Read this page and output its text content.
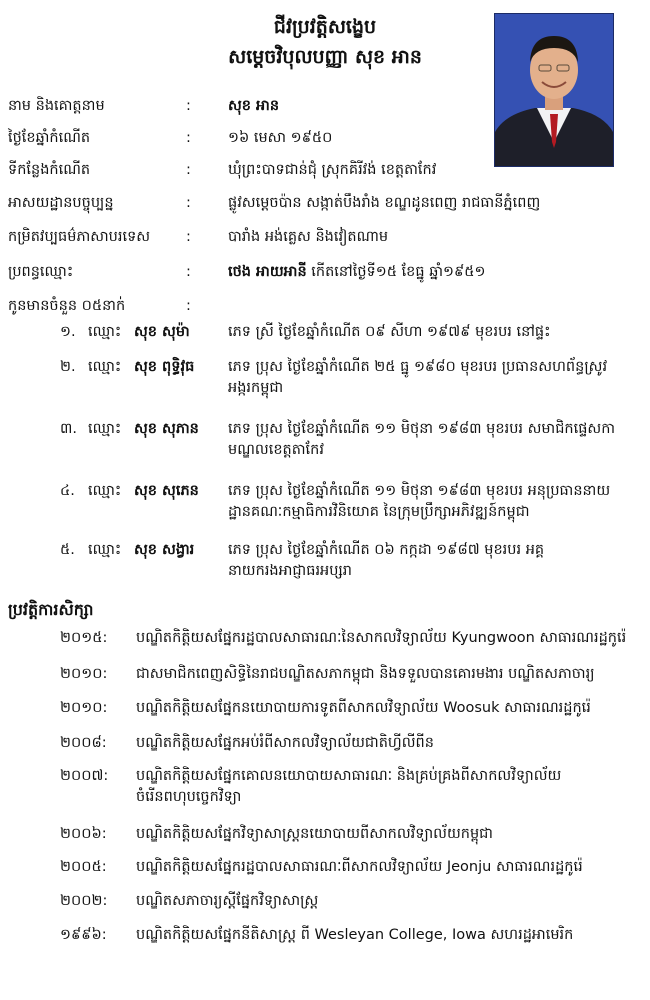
ជីវប្រវត្តិសង្ខេប
សម្តេចវិបុលបញ្ញា សុខ អាន
នាម និងគោត្តនាម	:	សុខ អាន
ថ្ងៃខែឆ្នាំកំណើត	:	១៦ មេសា ១៩៥០
ទីកន្លែងកំណើត	:	ឃុំព្រះបាទជាន់ជុំ ស្រុកគិរីវង់ ខេត្តតាកែវ
អាសយដ្ឋានបច្ចុប្បន្ន	:	ផ្លូវសម្តេចប៉ាន សង្កាត់បឹងរាំង ខណ្ឌដូនពេញ រាជធានីភ្នំពេញ
កម្រិតវប្បធម៌ភាសាបរទេស :	បារាំង អង់គ្លេស និងវៀតណាម
ប្រពន្ធឈ្មោះ	:	ថេង អាយអានី កើតនៅថ្ងៃទី១៥ ខែធ្នូ ឆ្នាំ១៩៥១
កូនមានចំនួន ០៥នាក់	:
១. ឈ្មោះ សុខ សុម៉ា	ភេទ ស្រី ថ្ងៃខែឆ្នាំកំណើត ០៩ សីហា ១៩៧៩ មុខរបរ នៅផ្ទះ
២. ឈ្មោះ សុខ ពុទ្ធិវុធ ភេទ ប្រុស ថ្ងៃខែឆ្នាំកំណើត ២៥ ធ្នូ ១៩៨០ មុខរបរ ប្រធានសហព័ន្ធស្រូវអង្ករកម្ពុជា
៣. ឈ្មោះ សុខ សុភាន ភេទ ប្រុស ថ្ងៃខែឆ្នាំកំណើត ១១ មិថុនា ១៩៨៣ មុខរបរ សមាជិកផ្ទេសកាមណ្ឌលខេត្តតាកែវ
៤. ឈ្មោះ សុខ សុភេន ភេទ ប្រុស ថ្ងៃខែឆ្នាំកំណើត ១១ មិថុនា ១៩៨៣ មុខរបរ អនុប្រធាននាយដ្ឋានគណៈកម្មាធិការវិនិយោគ នៃក្រុមប្រឹក្សាអភិវឌ្ឍន៍កម្ពុជា
៥. ឈ្មោះ សុខ សង្វារ ភេទ ប្រុស ថ្ងៃខែឆ្នាំកំណើត ០៦ កក្កដា ១៩៨៧ មុខរបរ អគ្គនាយករងអាជ្ញាធរអប្សរា
ប្រវត្តិការសិក្សា
២០១៥: បណ្ឌិតកិត្តិយសផ្នែករដ្ឋបាលសាធារណៈនៃសាកលវិទ្យាល័យ Kyungwoon សាធារណរដ្ឋកូរ៉េ
២០១០: ជាសមាជិកពេញសិទ្ធិនៃរាជបណ្ឌិតសភាកម្ពុជា និងទទួលបានគោរមងារ បណ្ឌិតសភាចារ្យ
២០១០: បណ្ឌិតកិត្តិយសផ្នែកនយោបាយការទូតពីសាកលវិទ្យាល័យ Woosuk សាធារណរដ្ឋកូរ៉េ
២០០៨: បណ្ឌិតកិត្តិយសផ្នែកអប់រំពីសាកលវិទ្យាល័យជាតិហ្វីលីពីន
២០០៧: បណ្ឌិតកិត្តិយសផ្នែកគោលនយោបាយសាធារណៈ និងគ្រប់គ្រងពីសាកលវិទ្យាល័យចំរើនពហុបច្ចេកវិទ្យា
២០០៦: បណ្ឌិតកិត្តិយសផ្នែកវិទ្យាសាស្ត្រនយោបាយពីសាកលវិទ្យាល័យកម្ពុជា
២០០៥: បណ្ឌិតកិត្តិយសផ្នែករដ្ឋបាលសាធារណៈពីសាកលវិទ្យាល័យ Jeonju សាធារណរដ្ឋកូរ៉េ
២០០២: បណ្ឌិតសភាចារ្យស្ដីផ្នែកវិទ្យាសាស្ត្រ
១៩៩៦: បណ្ឌិតកិត្តិយសផ្នែកនីតិសាស្ត្រ ពី Wesleyan College, Iowa សហរដ្ឋអាមេរិក
